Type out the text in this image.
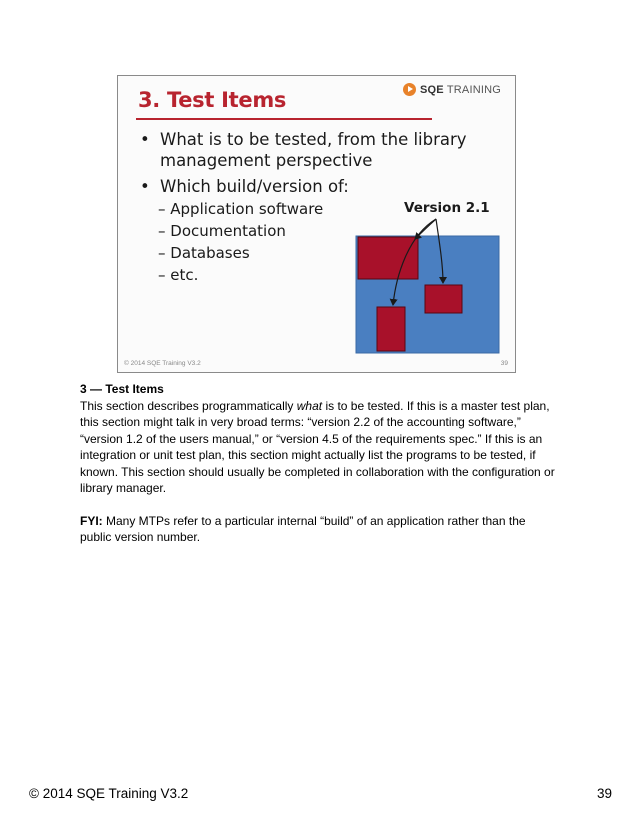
3. Test Items	SQE TRAINING

• What is to be tested, from the library

management perspective

• Which build/version of:

– Application software

– Documentation

– Databases

– etc.

Version 2.1

© 2014 SQE Training V3.2	39

3 — Test Items

This section describes programmatically what is to be tested. If this is a master test plan, this section might talk in very broad terms: “version 2.2 of the accounting software,” “version 1.2 of the users manual,” or “version 4.5 of the requirements spec.” If this is an integration or unit test plan, this section might actually list the programs to be tested, if known. This section should usually be completed in collaboration with the configuration or library manager.

FYI: Many MTPs refer to a particular internal “build” of an application rather than the public version number.

© 2014 SQE Training V3.2	39
